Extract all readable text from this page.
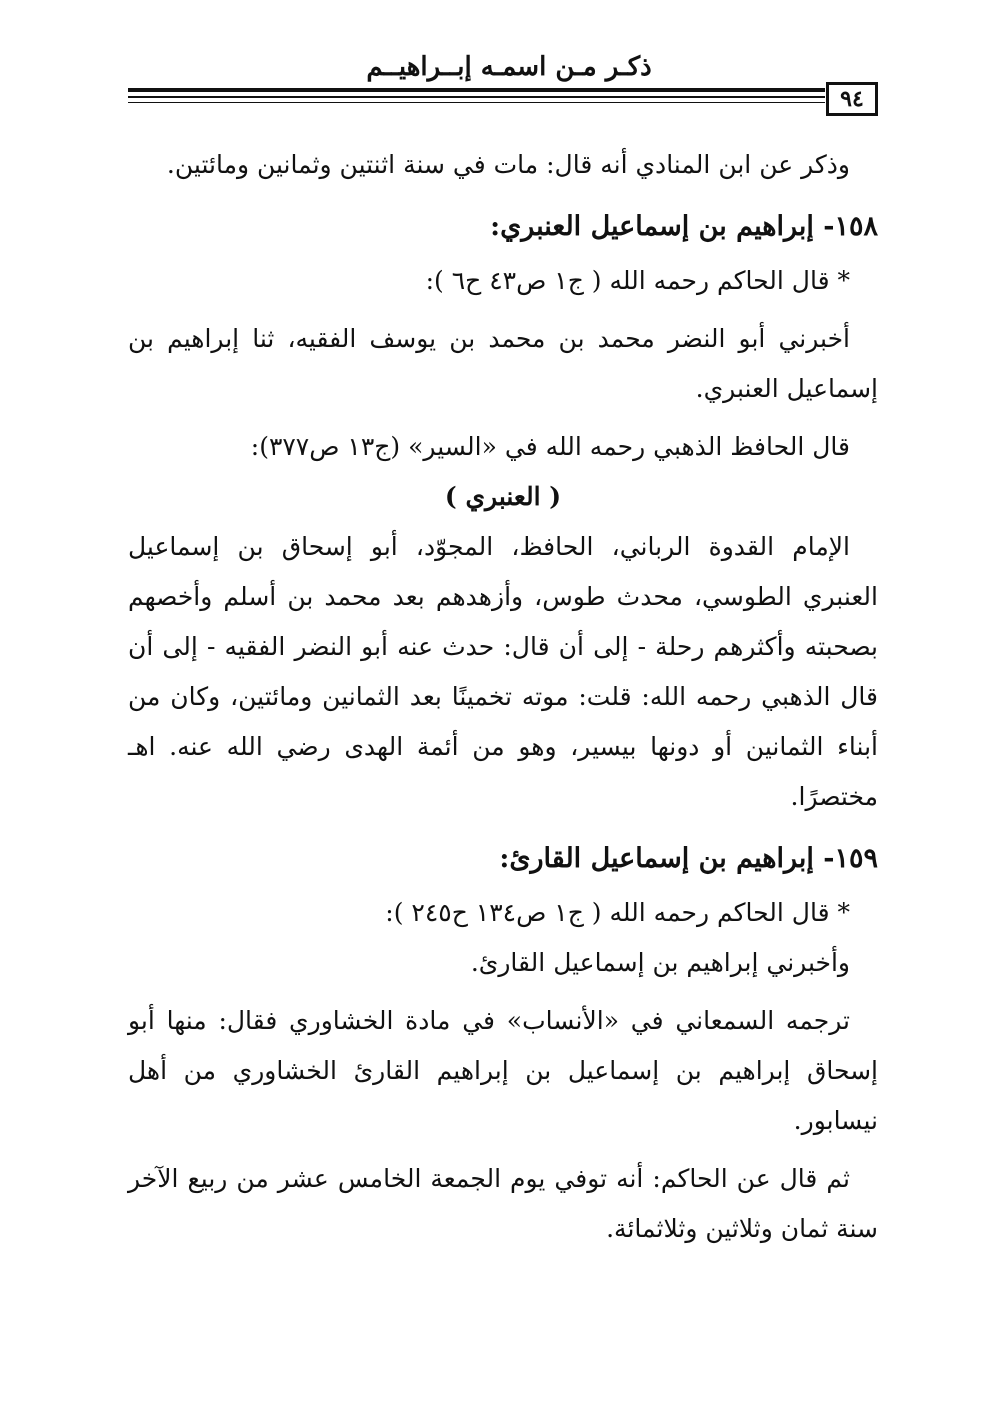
ذكـر مـن اسمـه إبــراهيــم
٩٤

وذكر عن ابن المنادي أنه قال: مات في سنة اثنتين وثمانين ومائتين.

١٥٨- إبراهيم بن إسماعيل العنبري:

* قال الحاكم رحمه الله ( ج١ ص٤٣ ح٦ ):

أخبرني أبو النضر محمد بن محمد بن يوسف الفقيه، ثنا إبراهيم بن إسماعيل العنبري.

قال الحافظ الذهبي رحمه الله في «السير» (ج١٣ ص٣٧٧):

( العنبري )

الإمام القدوة الرباني، الحافظ، المجوّد، أبو إسحاق بن إسماعيل العنبري الطوسي، محدث طوس، وأزهدهم بعد محمد بن أسلم وأخصهم بصحبته وأكثرهم رحلة - إلى أن قال: حدث عنه أبو النضر الفقيه - إلى أن قال الذهبي رحمه الله: قلت: موته تخمينًا بعد الثمانين ومائتين، وكان من أبناء الثمانين أو دونها بيسير، وهو من أئمة الهدى رضي الله عنه. اهـ مختصرًا.

١٥٩- إبراهيم بن إسماعيل القارئ:

* قال الحاكم رحمه الله ( ج١ ص١٣٤ ح٢٤٥ ):

وأخبرني إبراهيم بن إسماعيل القارئ.

ترجمه السمعاني في «الأنساب» في مادة الخشاوري فقال: منها أبو إسحاق إبراهيم بن إسماعيل بن إبراهيم القارئ الخشاوري من أهل نيسابور.

ثم قال عن الحاكم: أنه توفي يوم الجمعة الخامس عشر من ربيع الآخر سنة ثمان وثلاثين وثلاثمائة.
